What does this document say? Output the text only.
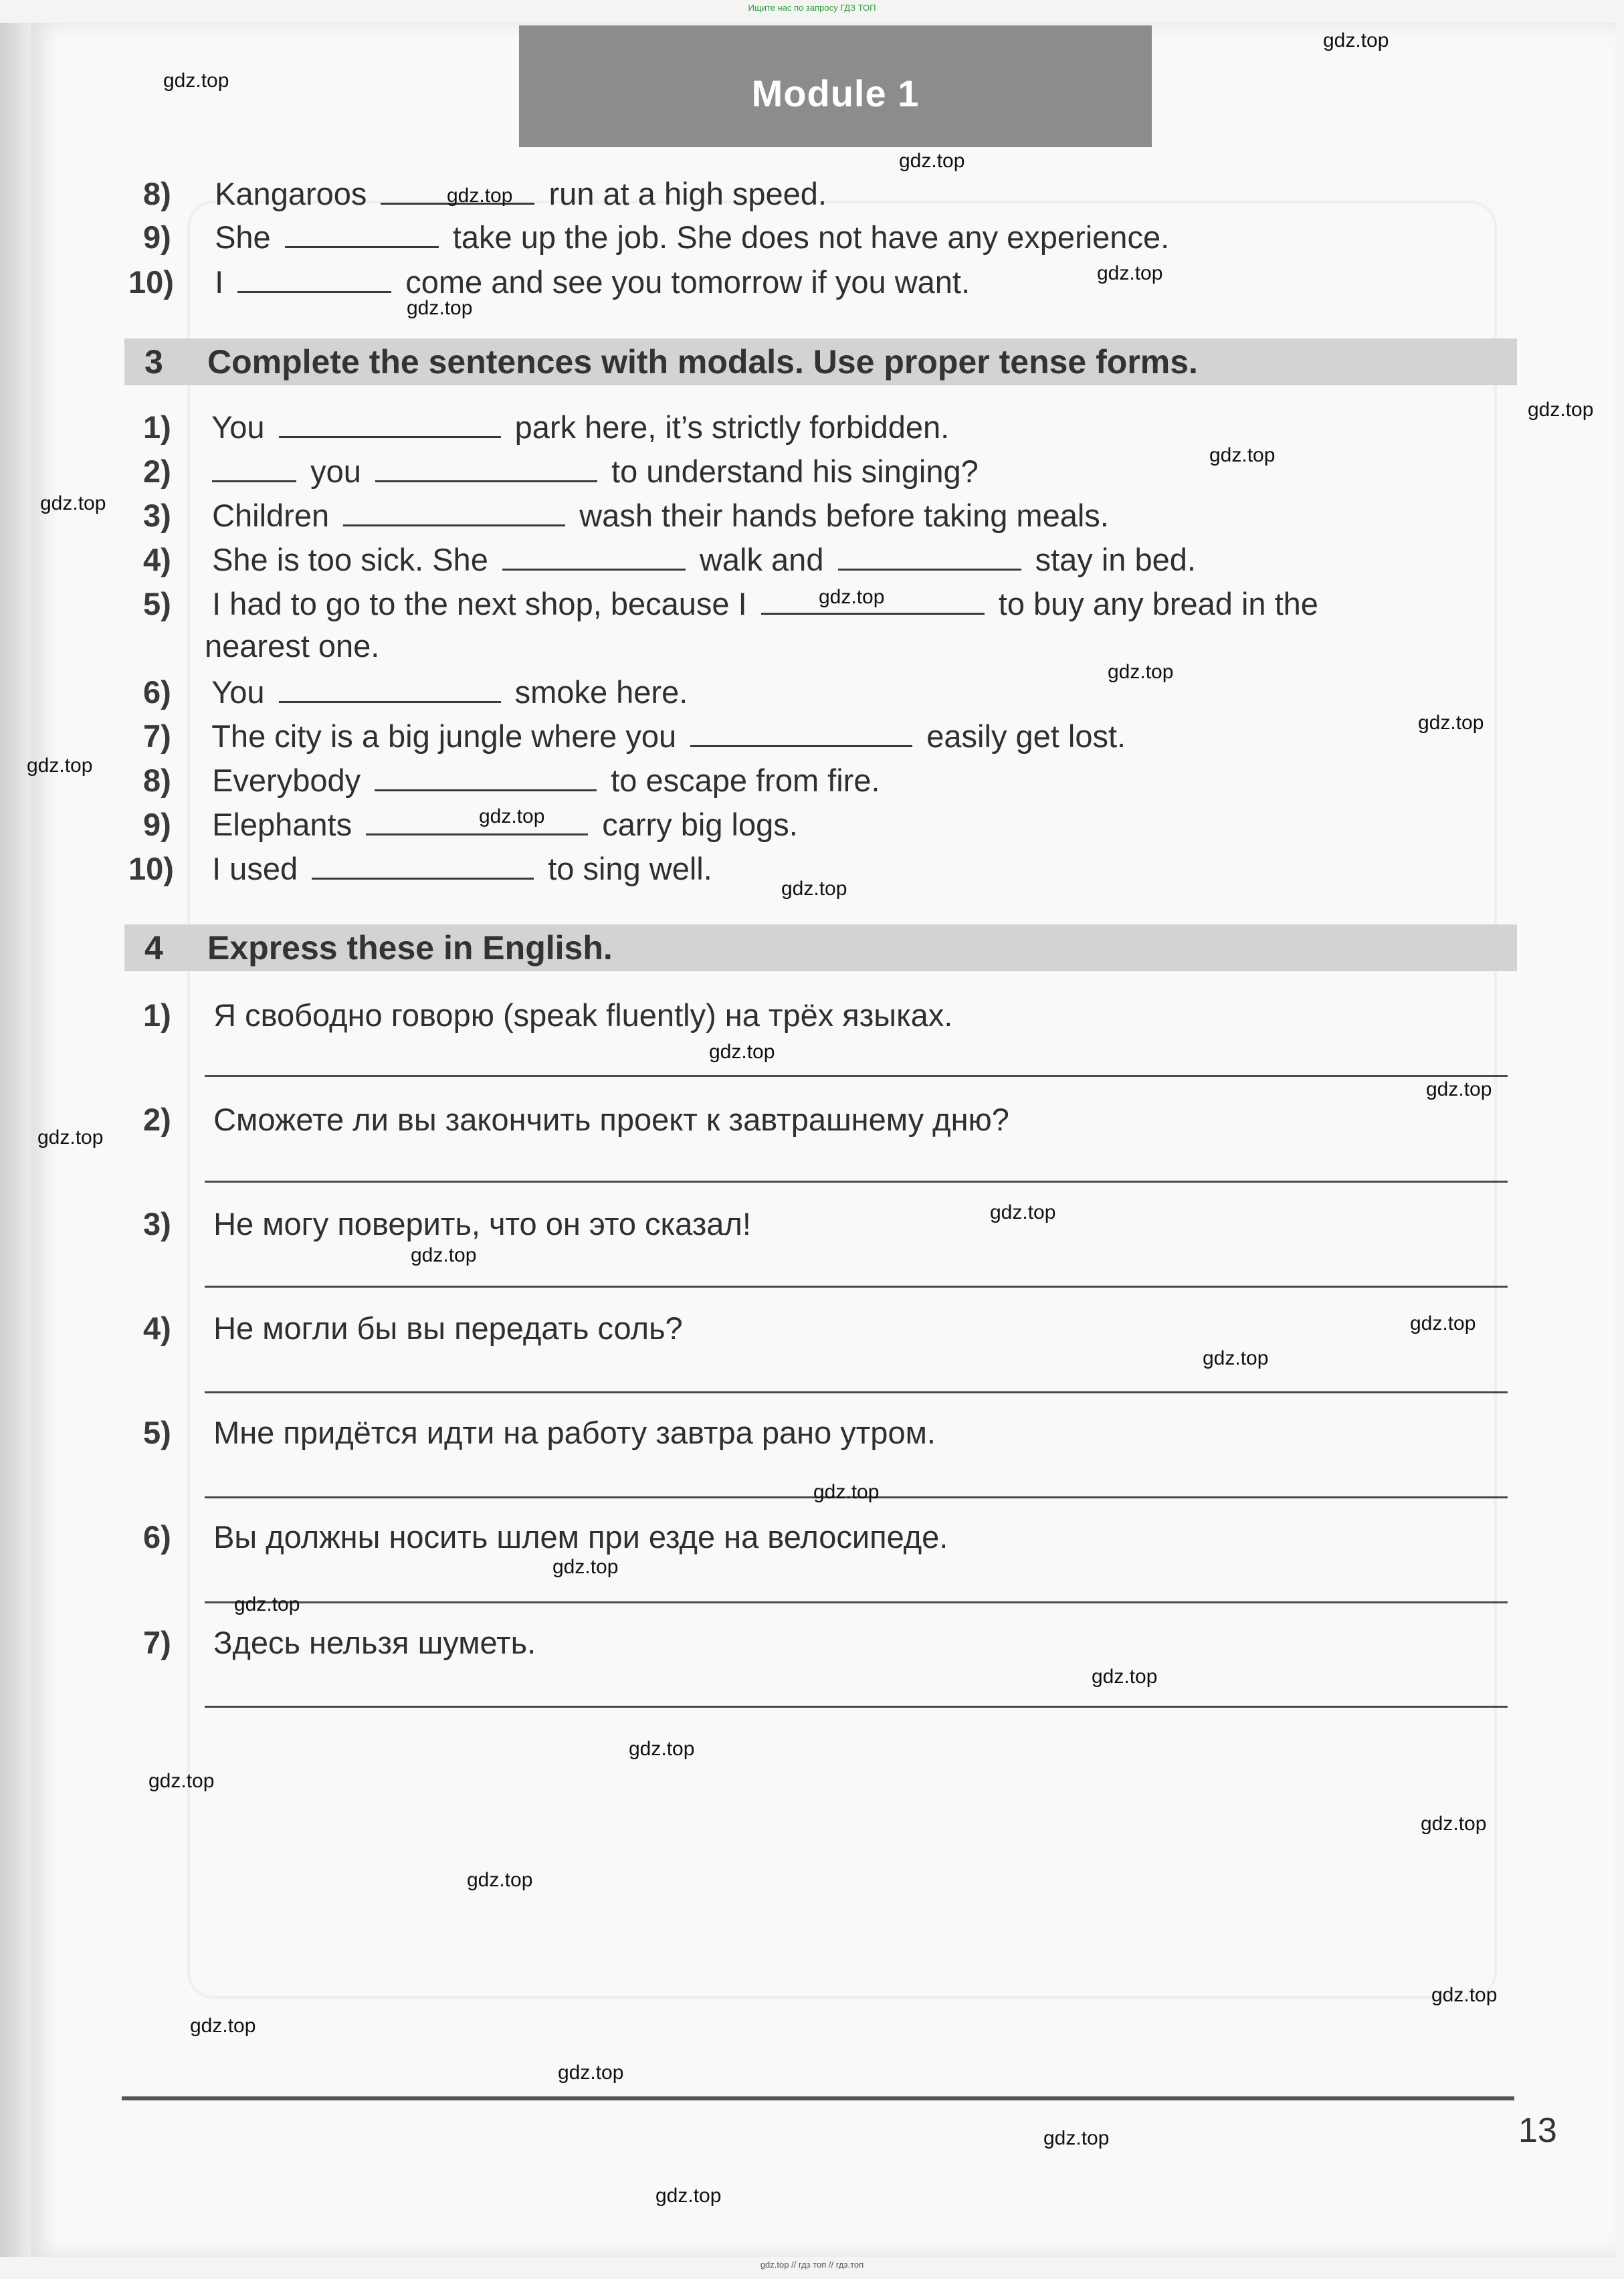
Ищите нас по запросу ГДЗ ТОП
Module 1
8) Kangaroos	run at a high speed.
9) She	take up the job. She does not have any experience.
10) I	come and see you tomorrow if you want.
3	Complete the sentences with modals. Use proper tense forms.
1) You	park here, it’s strictly forbidden.
2)	you	to understand his singing?
3) Children	wash their hands before taking meals.
4) She is too sick. She	walk and	stay in bed.
5) I had to go to the next shop, because I	to buy any bread in the
nearest one.
6) You	smoke here.
7) The city is a big jungle where you	easily get lost.
8) Everybody	to escape from fire.
9) Elephants	carry big logs.
10) I used	to sing well.
4	Express these in English.
1) Я свободно говорю (speak fluently) на трёх языках.
2) Сможете ли вы закончить проект к завтрашнему дню?
3) Не могу поверить, что он это сказал!
4) Не могли бы вы передать соль?
5) Мне придётся идти на работу завтра рано утром.
6) Вы должны носить шлем при езде на велосипеде.
7) Здесь нельзя шуметь.
13
gdz.top
gdz.top
gdz.top
gdz.top
gdz.top
gdz.top
gdz.top
gdz.top
gdz.top
gdz.top
gdz.top
gdz.top
gdz.top
gdz.top
gdz.top
gdz.top
gdz.top
gdz.top
gdz.top
gdz.top
gdz.top
gdz.top
gdz.top
gdz.top
gdz.top
gdz.top
gdz.top
gdz.top
gdz.top
gdz.top
gdz.top
gdz.top
gdz.top
gdz.top
gdz.top
gdz.top // гдз топ // гдз.топ
